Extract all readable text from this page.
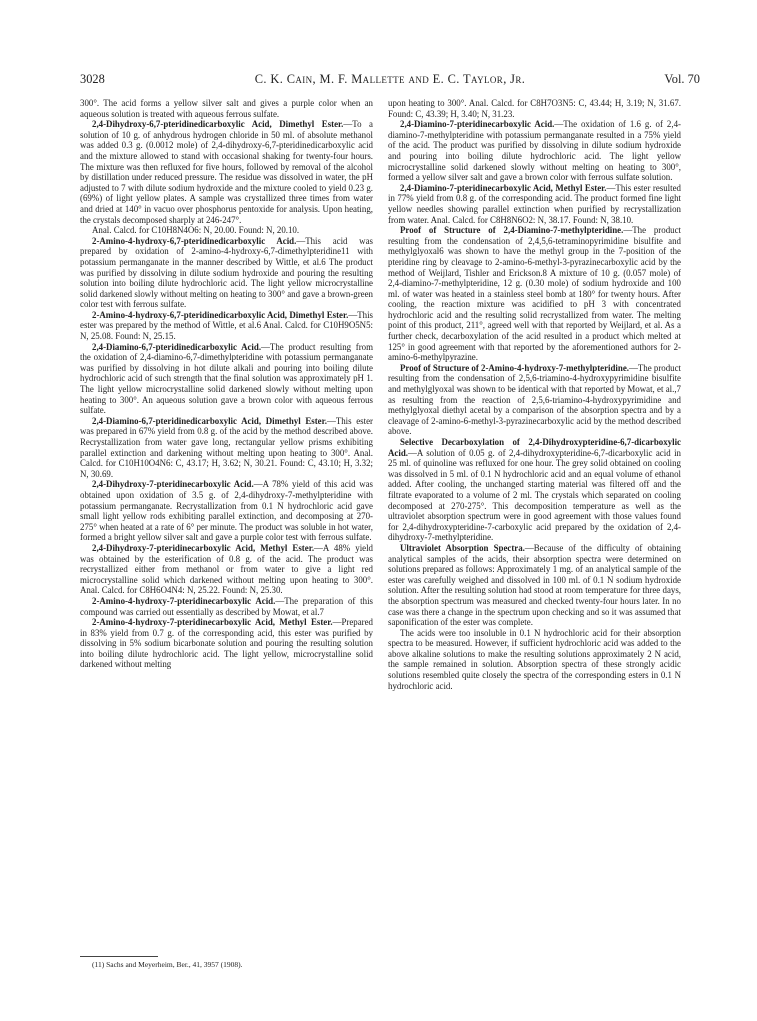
3028	C. K. Cain, M. F. Mallette and E. C. Taylor, Jr.	Vol. 70

300°. The acid forms a yellow silver salt and gives a purple color when an aqueous solution is treated with aqueous ferrous sulfate.

2,4-Dihydroxy-6,7-pteridinedicarboxylic Acid, Dimethyl Ester.—To a solution of 10 g. of anhydrous hydrogen chloride in 50 ml. of absolute methanol was added 0.3 g. (0.0012 mole) of 2,4-dihydroxy-6,7-pteridinedicarboxylic acid and the mixture allowed to stand with occasional shaking for twenty-four hours. The mixture was then refluxed for five hours, followed by removal of the alcohol by distillation under reduced pressure. The residue was dissolved in water, the pH adjusted to 7 with dilute sodium hydroxide and the mixture cooled to yield 0.23 g. (69%) of light yellow plates. A sample was crystallized three times from water and dried at 140° in vacuo over phosphorus pentoxide for analysis. Upon heating, the crystals decomposed sharply at 246-247°.

Anal. Calcd. for C10H8N4O6: N, 20.00. Found: N, 20.10.

2-Amino-4-hydroxy-6,7-pteridinedicarboxylic Acid.—This acid was prepared by oxidation of 2-amino-4-hydroxy-6,7-dimethylpteridine11 with potassium permanganate in the manner described by Wittle, et al.6 The product was purified by dissolving in dilute sodium hydroxide and pouring the resulting solution into boiling dilute hydrochloric acid. The light yellow microcrystalline solid darkened slowly without melting on heating to 300° and gave a brown-green color test with ferrous sulfate.

2-Amino-4-hydroxy-6,7-pteridinedicarboxylic Acid, Dimethyl Ester.—This ester was prepared by the method of Wittle, et al.6 Anal. Calcd. for C10H9O5N5: N, 25.08. Found: N, 25.15.

2,4-Diamino-6,7-pteridinedicarboxylic Acid.—The product resulting from the oxidation of 2,4-diamino-6,7-dimethylpteridine with potassium permanganate was purified by dissolving in hot dilute alkali and pouring into boiling dilute hydrochloric acid of such strength that the final solution was approximately pH 1. The light yellow microcrystalline solid darkened slowly without melting upon heating to 300°. An aqueous solution gave a brown color with aqueous ferrous sulfate.

2,4-Diamino-6,7-pteridinedicarboxylic Acid, Dimethyl Ester.—This ester was prepared in 67% yield from 0.8 g. of the acid by the method described above. Recrystallization from water gave long, rectangular yellow prisms exhibiting parallel extinction and darkening without melting upon heating to 300°. Anal. Calcd. for C10H10O4N6: C, 43.17; H, 3.62; N, 30.21. Found: C, 43.10; H, 3.32; N, 30.69.

2,4-Dihydroxy-7-pteridinecarboxylic Acid.—A 78% yield of this acid was obtained upon oxidation of 3.5 g. of 2,4-dihydroxy-7-methylpteridine with potassium permanganate. Recrystallization from 0.1 N hydrochloric acid gave small light yellow rods exhibiting parallel extinction, and decomposing at 270-275° when heated at a rate of 6° per minute. The product was soluble in hot water, formed a bright yellow silver salt and gave a purple color test with ferrous sulfate.

2,4-Dihydroxy-7-pteridinecarboxylic Acid, Methyl Ester.—A 48% yield was obtained by the esterification of 0.8 g. of the acid. The product was recrystallized either from methanol or from water to give a light red microcrystalline solid which darkened without melting upon heating to 300°. Anal. Calcd. for C8H6O4N4: N, 25.22. Found: N, 25.30.

2-Amino-4-hydroxy-7-pteridinecarboxylic Acid.—The preparation of this compound was carried out essentially as described by Mowat, et al.7

2-Amino-4-hydroxy-7-pteridinecarboxylic Acid, Methyl Ester.—Prepared in 83% yield from 0.7 g. of the corresponding acid, this ester was purified by dissolving in 5% sodium bicarbonate solution and pouring the resulting solution into boiling dilute hydrochloric acid. The light yellow, microcrystalline solid darkened without melting

upon heating to 300°. Anal. Calcd. for C8H7O3N5: C, 43.44; H, 3.19; N, 31.67. Found: C, 43.39; H, 3.40; N, 31.23.

2,4-Diamino-7-pteridinecarboxylic Acid.—The oxidation of 1.6 g. of 2,4-diamino-7-methylpteridine with potassium permanganate resulted in a 75% yield of the acid. The product was purified by dissolving in dilute sodium hydroxide and pouring into boiling dilute hydrochloric acid. The light yellow microcrystalline solid darkened slowly without melting on heating to 300°, formed a yellow silver salt and gave a brown color with ferrous sulfate solution.

2,4-Diamino-7-pteridinecarboxylic Acid, Methyl Ester.—This ester resulted in 77% yield from 0.8 g. of the corresponding acid. The product formed fine light yellow needles showing parallel extinction when purified by recrystallization from water. Anal. Calcd. for C8H8N6O2: N, 38.17. Found: N, 38.10.

Proof of Structure of 2,4-Diamino-7-methylpteridine.—The product resulting from the condensation of 2,4,5,6-tetraminopyrimidine bisulfite and methylglyoxal6 was shown to have the methyl group in the 7-position of the pteridine ring by cleavage to 2-amino-6-methyl-3-pyrazinecarboxylic acid by the method of Weijlard, Tishler and Erickson.8 A mixture of 10 g. (0.057 mole) of 2,4-diamino-7-methylpteridine, 12 g. (0.30 mole) of sodium hydroxide and 100 ml. of water was heated in a stainless steel bomb at 180° for twenty hours. After cooling, the reaction mixture was acidified to pH 3 with concentrated hydrochloric acid and the resulting solid recrystallized from water. The melting point of this product, 211°, agreed well with that reported by Weijlard, et al. As a further check, decarboxylation of the acid resulted in a product which melted at 125° in good agreement with that reported by the aforementioned authors for 2-amino-6-methylpyrazine.

Proof of Structure of 2-Amino-4-hydroxy-7-methylpteridine.—The product resulting from the condensation of 2,5,6-triamino-4-hydroxypyrimidine bisulfite and methylglyoxal was shown to be identical with that reported by Mowat, et al.,7 as resulting from the reaction of 2,5,6-triamino-4-hydroxypyrimidine and methylglyoxal diethyl acetal by a comparison of the absorption spectra and by a cleavage of 2-amino-6-methyl-3-pyrazinecarboxylic acid by the method described above.

Selective Decarboxylation of 2,4-Dihydroxypteridine-6,7-dicarboxylic Acid.—A solution of 0.05 g. of 2,4-dihydroxypteridine-6,7-dicarboxylic acid in 25 ml. of quinoline was refluxed for one hour. The grey solid obtained on cooling was dissolved in 5 ml. of 0.1 N hydrochloric acid and an equal volume of ethanol added. After cooling, the unchanged starting material was filtered off and the filtrate evaporated to a volume of 2 ml. The crystals which separated on cooling decomposed at 270-275°. This decomposition temperature as well as the ultraviolet absorption spectrum were in good agreement with those values found for 2,4-dihydroxypteridine-7-carboxylic acid prepared by the oxidation of 2,4-dihydroxy-7-methylpteridine.

Ultraviolet Absorption Spectra.—Because of the difficulty of obtaining analytical samples of the acids, their absorption spectra were determined on solutions prepared as follows: Approximately 1 mg. of an analytical sample of the ester was carefully weighed and dissolved in 100 ml. of 0.1 N sodium hydroxide solution. After the resulting solution had stood at room temperature for three days, the absorption spectrum was measured and checked twenty-four hours later. In no case was there a change in the spectrum upon checking and so it was assumed that saponification of the ester was complete.

The acids were too insoluble in 0.1 N hydrochloric acid for their absorption spectra to be measured. However, if sufficient hydrochloric acid was added to the above alkaline solutions to make the resulting solutions approximately 2 N acid, the sample remained in solution. Absorption spectra of these strongly acidic solutions resembled quite closely the spectra of the corresponding esters in 0.1 N hydrochloric acid.

(11) Sachs and Meyerheim, Ber., 41, 3957 (1908).
